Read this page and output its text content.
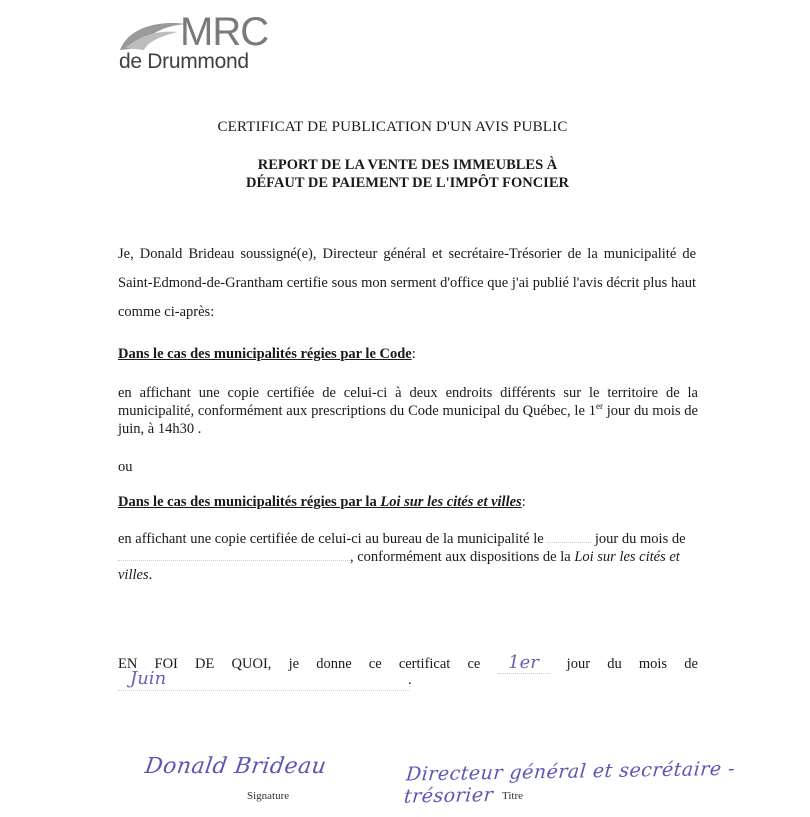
MRC
de Drummond
CERTIFICAT DE PUBLICATION D'UN AVIS PUBLIC
REPORT DE LA VENTE DES IMMEUBLES À
DÉFAUT DE PAIEMENT DE L'IMPÔT FONCIER
Je, Donald Brideau soussigné(e), Directeur général et secrétaire-Trésorier de la municipalité de Saint-Edmond-de-Grantham certifie sous mon serment d'office que j'ai publié l'avis décrit plus haut comme ci-après:
Dans le cas des municipalités régies par le Code:
en affichant une copie certifiée de celui-ci à deux endroits différents sur le territoire de la municipalité, conformément aux prescriptions du Code municipal du Québec, le 1er jour du mois de juin, à 14h30 .
ou
Dans le cas des municipalités régies par la Loi sur les cités et villes:
en affichant une copie certifiée de celui-ci au bureau de la municipalité le	jour du mois de , conformément aux dispositions de la Loi sur les cités et villes.
EN FOI DE QUOI, je donne ce certificat ce	1er	jour du mois de
Juin	.
Donald Brideau	Directeur général et secrétaire - trésorier
Signature	Titre
